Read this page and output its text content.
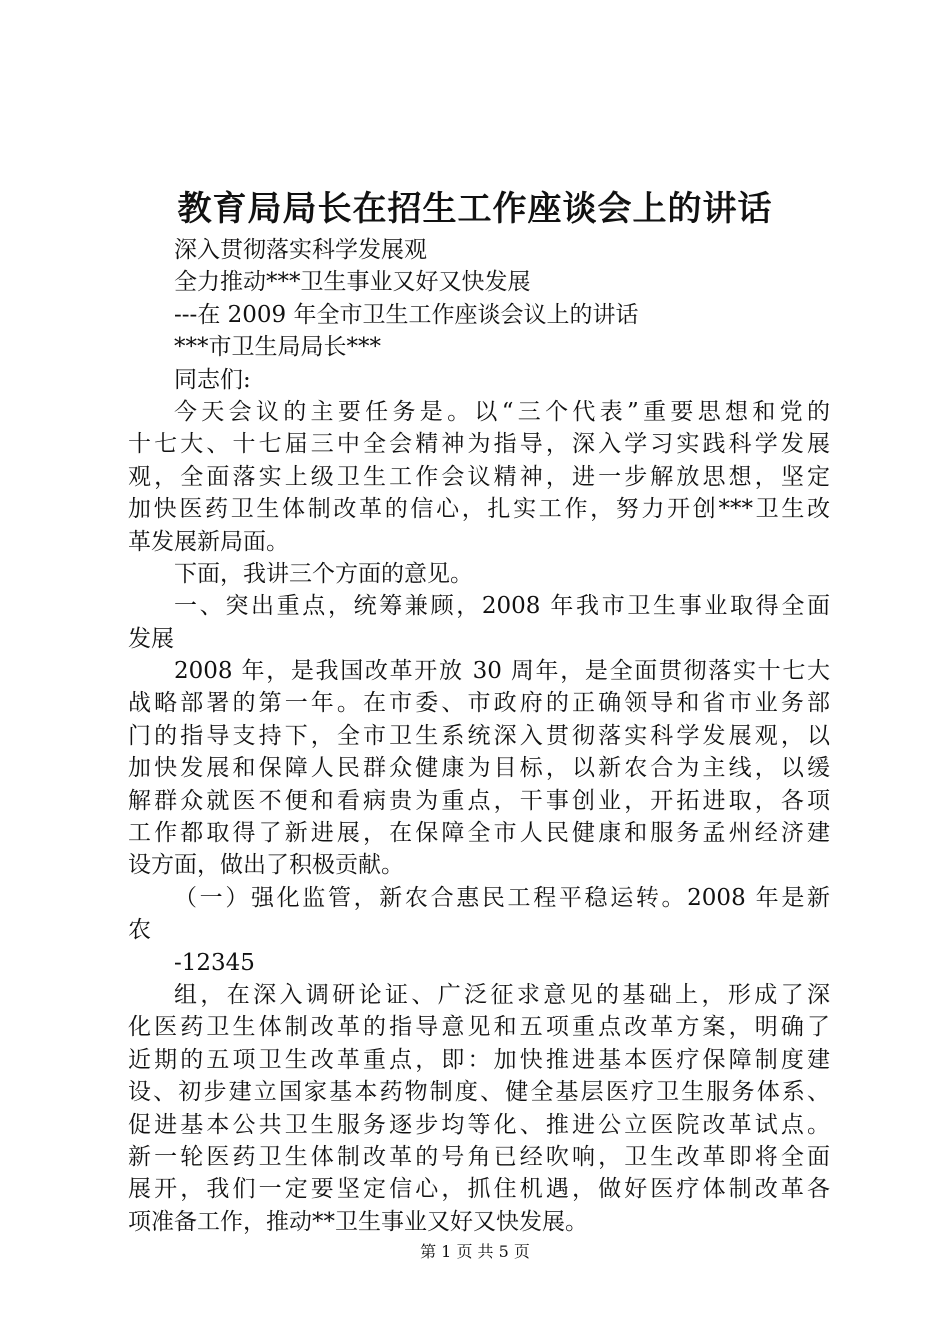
教育局局长在招生工作座谈会上的讲话
深入贯彻落实科学发展观
全力推动***卫生事业又好又快发展
---在 2009 年全市卫生工作座谈会议上的讲话
***市卫生局局长***
同志们:
今天会议的主要任务是。以“三个代表”重要思想和党的
十七大、十七届三中全会精神为指导，深入学习实践科学发展
观，全面落实上级卫生工作会议精神，进一步解放思想，坚定
加快医药卫生体制改革的信心，扎实工作，努力开创***卫生改
革发展新局面。
下面，我讲三个方面的意见。
一、突出重点，统筹兼顾，2008 年我市卫生事业取得全面
发展
2008 年，是我国改革开放 30 周年，是全面贯彻落实十七大
战略部署的第一年。在市委、市政府的正确领导和省市业务部
门的指导支持下，全市卫生系统深入贯彻落实科学发展观，以
加快发展和保障人民群众健康为目标，以新农合为主线，以缓
解群众就医不便和看病贵为重点，干事创业，开拓进取，各项
工作都取得了新进展，在保障全市人民健康和服务孟州经济建
设方面，做出了积极贡献。
（一）强化监管，新农合惠民工程平稳运转。2008 年是新
农
-12345
组，在深入调研论证、广泛征求意见的基础上，形成了深
化医药卫生体制改革的指导意见和五项重点改革方案，明确了
近期的五项卫生改革重点，即：加快推进基本医疗保障制度建
设、初步建立国家基本药物制度、健全基层医疗卫生服务体系、
促进基本公共卫生服务逐步均等化、推进公立医院改革试点。
新一轮医药卫生体制改革的号角已经吹响，卫生改革即将全面
展开，我们一定要坚定信心，抓住机遇，做好医疗体制改革各
项准备工作，推动**卫生事业又好又快发展。
第 1 页 共 5 页
